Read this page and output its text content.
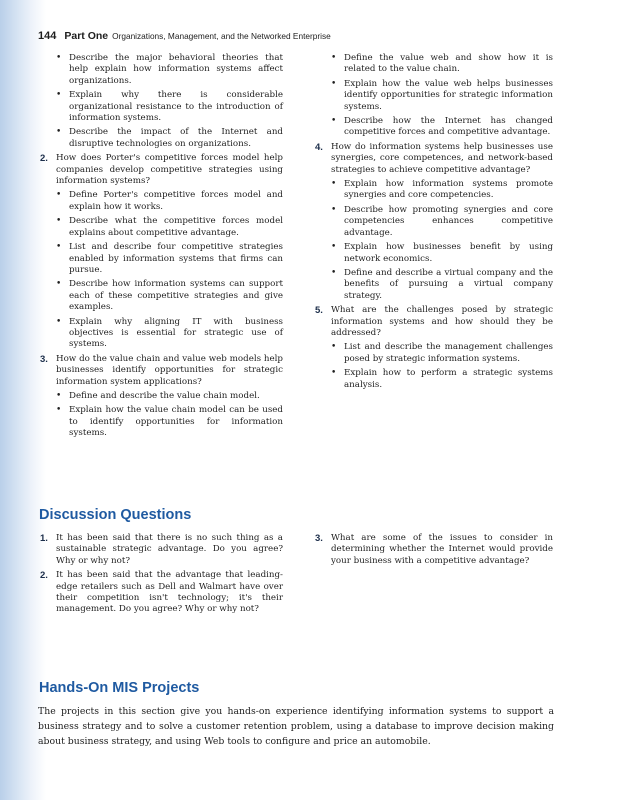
144 Part One Organizations, Management, and the Networked Enterprise
• Describe the major behavioral theories that help explain how information systems affect organizations.
• Explain why there is considerable organizational resistance to the introduction of information systems.
• Describe the impact of the Internet and disruptive technologies on organizations.
2. How does Porter's competitive forces model help companies develop competitive strategies using information systems?
• Define Porter's competitive forces model and explain how it works.
• Describe what the competitive forces model explains about competitive advantage.
• List and describe four competitive strategies enabled by information systems that firms can pursue.
• Describe how information systems can support each of these competitive strategies and give examples.
• Explain why aligning IT with business objectives is essential for strategic use of systems.
3. How do the value chain and value web models help businesses identify opportunities for strategic information system applications?
• Define and describe the value chain model.
• Explain how the value chain model can be used to identify opportunities for information systems.
• Define the value web and show how it is related to the value chain.
• Explain how the value web helps businesses identify opportunities for strategic information systems.
• Describe how the Internet has changed competitive forces and competitive advantage.
4. How do information systems help businesses use synergies, core competences, and network-based strategies to achieve competitive advantage?
• Explain how information systems promote synergies and core competencies.
• Describe how promoting synergies and core competencies enhances competitive advantage.
• Explain how businesses benefit by using network economics.
• Define and describe a virtual company and the benefits of pursuing a virtual company strategy.
5. What are the challenges posed by strategic information systems and how should they be addressed?
• List and describe the management challenges posed by strategic information systems.
• Explain how to perform a strategic systems analysis.
Discussion Questions
1. It has been said that there is no such thing as a sustainable strategic advantage. Do you agree? Why or why not?
2. It has been said that the advantage that leading-edge retailers such as Dell and Walmart have over their competition isn't technology; it's their management. Do you agree? Why or why not?
3. What are some of the issues to consider in determining whether the Internet would provide your business with a competitive advantage?
Hands-On MIS Projects
The projects in this section give you hands-on experience identifying information systems to support a business strategy and to solve a customer retention problem, using a database to improve decision making about business strategy, and using Web tools to configure and price an automobile.
